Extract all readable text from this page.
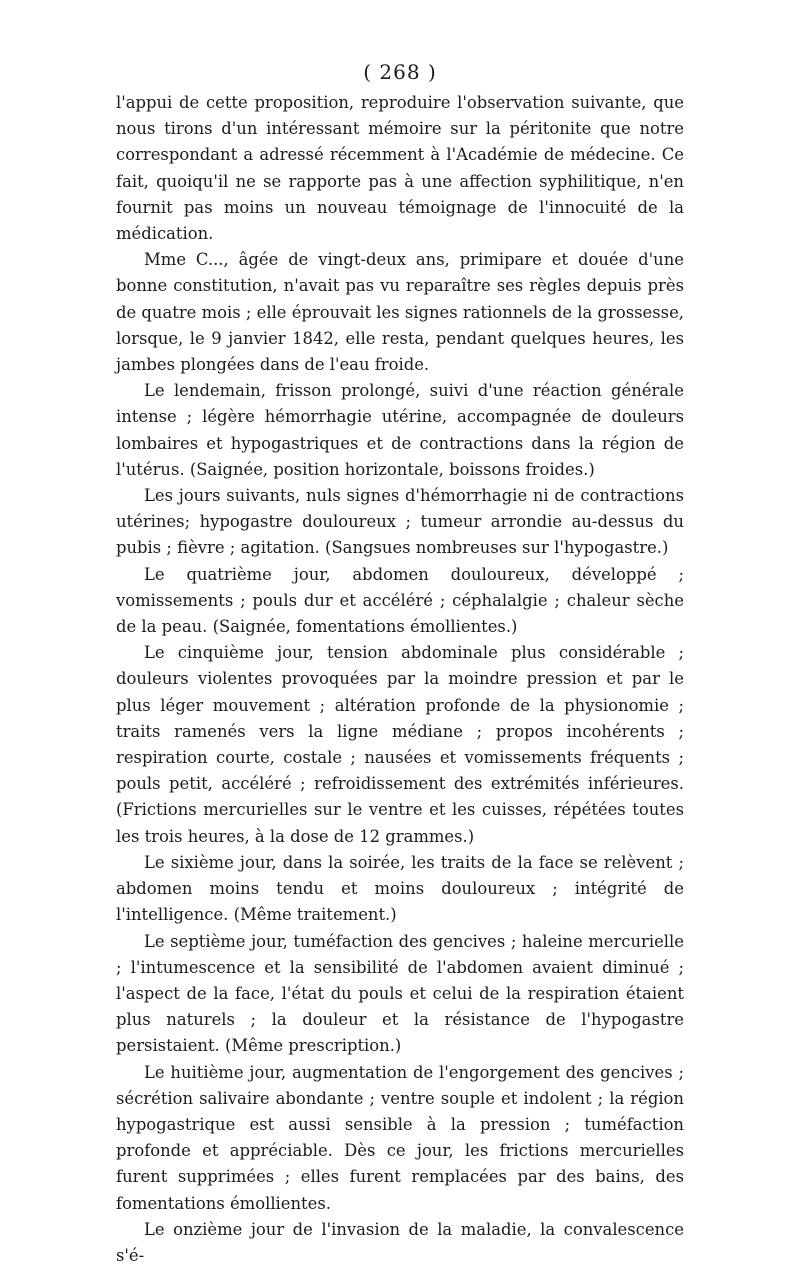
( 268 )

l'appui de cette proposition, reproduire l'observation suivante, que nous tirons d'un intéressant mémoire sur la péritonite que notre correspondant a adressé récemment à l'Académie de médecine. Ce fait, quoiqu'il ne se rapporte pas à une affection syphilitique, n'en fournit pas moins un nouveau témoignage de l'innocuité de la médication.

Mme C..., âgée de vingt-deux ans, primipare et douée d'une bonne constitution, n'avait pas vu reparaître ses règles depuis près de quatre mois ; elle éprouvait les signes rationnels de la grossesse, lorsque, le 9 janvier 1842, elle resta, pendant quelques heures, les jambes plongées dans de l'eau froide.

Le lendemain, frisson prolongé, suivi d'une réaction générale intense ; légère hémorrhagie utérine, accompagnée de douleurs lombaires et hypogastriques et de contractions dans la région de l'utérus. (Saignée, position horizontale, boissons froides.)

Les jours suivants, nuls signes d'hémorrhagie ni de contractions utérines; hypogastre douloureux ; tumeur arrondie au-dessus du pubis ; fièvre ; agitation. (Sangsues nombreuses sur l'hypogastre.)

Le quatrième jour, abdomen douloureux, développé ; vomissements ; pouls dur et accéléré ; céphalalgie ; chaleur sèche de la peau. (Saignée, fomentations émollientes.)

Le cinquième jour, tension abdominale plus considérable ; douleurs violentes provoquées par la moindre pression et par le plus léger mouvement ; altération profonde de la physionomie ; traits ramenés vers la ligne médiane ; propos incohérents ; respiration courte, costale ; nausées et vomissements fréquents ; pouls petit, accéléré ; refroidissement des extrémités inférieures. (Frictions mercurielles sur le ventre et les cuisses, répétées toutes les trois heures, à la dose de 12 grammes.)

Le sixième jour, dans la soirée, les traits de la face se relèvent ; abdomen moins tendu et moins douloureux ; intégrité de l'intelligence. (Même traitement.)

Le septième jour, tuméfaction des gencives ; haleine mercurielle ; l'intumescence et la sensibilité de l'abdomen avaient diminué ; l'aspect de la face, l'état du pouls et celui de la respiration étaient plus naturels ; la douleur et la résistance de l'hypogastre persistaient. (Même prescription.)

Le huitième jour, augmentation de l'engorgement des gencives ; sécrétion salivaire abondante ; ventre souple et indolent ; la région hypogastrique est aussi sensible à la pression ; tuméfaction profonde et appréciable. Dès ce jour, les frictions mercurielles furent supprimées ; elles furent remplacées par des bains, des fomentations émollientes.

Le onzième jour de l'invasion de la maladie, la convalescence s'é-
